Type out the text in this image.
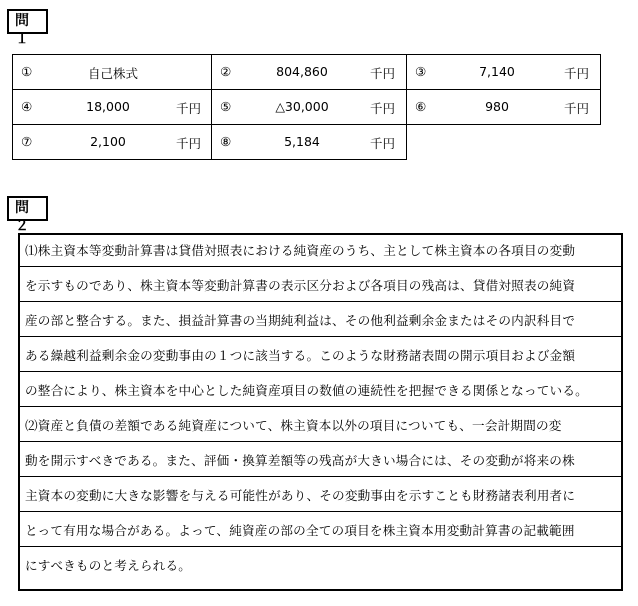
問１
①	自己株式	②	804,860	千円 ③	7,140	千円
④	18,000	千円 ⑤	△30,000	千円 ⑥	980	千円
⑦	2,100	千円 ⑧	5,184	千円
問２
⑴株主資本等変動計算書は貸借対照表における純資産のうち、主として株主資本の各項目の変動
を示すものであり、株主資本等変動計算書の表示区分および各項目の残高は、貸借対照表の純資
産の部と整合する。また、損益計算書の当期純利益は、その他利益剰余金またはその内訳科目で
ある繰越利益剰余金の変動事由の１つに該当する。このような財務諸表間の開示項目および金額
の整合により、株主資本を中心とした純資産項目の数値の連続性を把握できる関係となっている。
⑵資産と負債の差額である純資産について、株主資本以外の項目についても、一会計期間の変
動を開示すべきである。また、評価・換算差額等の残高が大きい場合には、その変動が将来の株
主資本の変動に大きな影響を与える可能性があり、その変動事由を示すことも財務諸表利用者に
とって有用な場合がある。よって、純資産の部の全ての項目を株主資本用変動計算書の記載範囲
にすべきものと考えられる。
